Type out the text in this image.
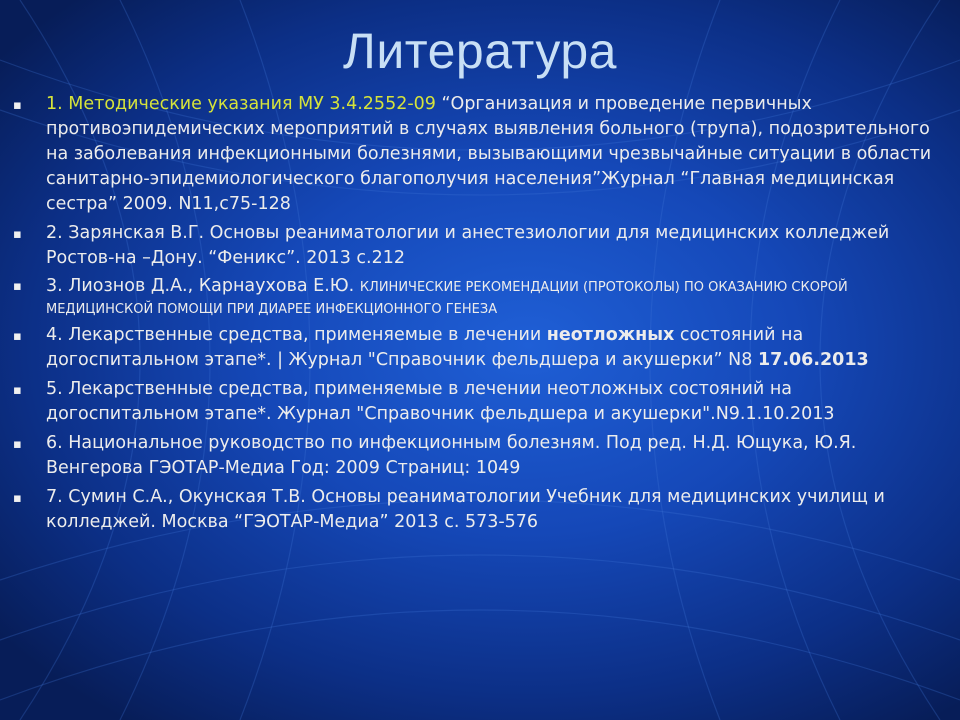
Литература
▪ 1. Методические указания МУ 3.4.2552-09 “Организация и проведение первичных противоэпидемических мероприятий в случаях выявления больного (трупа), подозрительного на заболевания инфекционными болезнями, вызывающими чрезвычайные ситуации в области санитарно-эпидемиологического благополучия населения”Журнал “Главная медицинская сестра” 2009. N11,с75-128
▪ 2. Зарянская В.Г. Основы реаниматологии и анестезиологии для медицинских колледжей Ростов-на –Дону. “Феникс”. 2013 с.212
▪ 3. Лиознов Д.А., Карнаухова Е.Ю. КЛИНИЧЕСКИЕ РЕКОМЕНДАЦИИ (ПРОТОКОЛЫ) ПО ОКАЗАНИЮ СКОРОЙ МЕДИЦИНСКОЙ ПОМОЩИ ПРИ ДИАРЕЕ ИНФЕКЦИОННОГО ГЕНЕЗА
▪ 4. Лекарственные средства, применяемые в лечении неотложных состояний на догоспитальном этапе*. | Журнал "Справочник фельдшера и акушерки” N8 17.06.2013
▪ 5. Лекарственные средства, применяемые в лечении неотложных состояний на догоспитальном этапе*. Журнал "Справочник фельдшера и акушерки".N9.1.10.2013
▪ 6. Национальное руководство по инфекционным болезням. Под ред. Н.Д. Ющука, Ю.Я. Венгерова ГЭОТАР-Медиа Год: 2009 Страниц: 1049
▪ 7. Сумин С.А., Окунская Т.В. Основы реаниматологии Учебник для медицинских училищ и колледжей. Москва “ГЭОТАР-Медиа” 2013 с. 573-576
